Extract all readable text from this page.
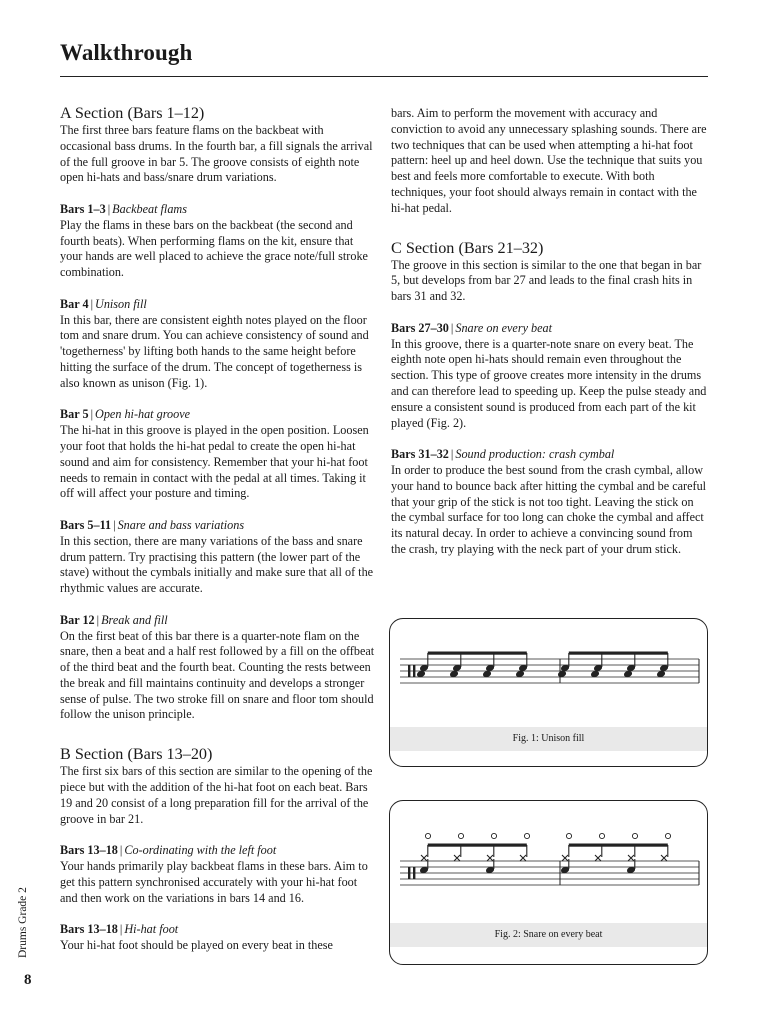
Walkthrough
A Section (Bars 1–12)
The first three bars feature flams on the backbeat with occasional bass drums. In the fourth bar, a fill signals the arrival of the full groove in bar 5. The groove consists of eighth note open hi-hats and bass/snare drum variations.
Bars 1–3 | Backbeat flams
Play the flams in these bars on the backbeat (the second and fourth beats). When performing flams on the kit, ensure that your hands are well placed to achieve the grace note/full stroke combination.
Bar 4 | Unison fill
In this bar, there are consistent eighth notes played on the floor tom and snare drum. You can achieve consistency of sound and 'togetherness' by lifting both hands to the same height before hitting the surface of the drum. The concept of togetherness is also known as unison (Fig. 1).
Bar 5 | Open hi-hat groove
The hi-hat in this groove is played in the open position. Loosen your foot that holds the hi-hat pedal to create the open hi-hat sound and aim for consistency. Remember that your hi-hat foot needs to remain in contact with the pedal at all times. Taking it off will affect your posture and timing.
Bars 5–11 | Snare and bass variations
In this section, there are many variations of the bass and snare drum pattern. Try practising this pattern (the lower part of the stave) without the cymbals initially and make sure that all of the rhythmic values are accurate.
Bar 12 | Break and fill
On the first beat of this bar there is a quarter-note flam on the snare, then a beat and a half rest followed by a fill on the offbeat of the third beat and the fourth beat. Counting the rests between the break and fill maintains continuity and develops a stronger sense of pulse. The two stroke fill on snare and floor tom should follow the unison principle.
B Section (Bars 13–20)
The first six bars of this section are similar to the opening of the piece but with the addition of the hi-hat foot on each beat. Bars 19 and 20 consist of a long preparation fill for the arrival of the groove in bar 21.
Bars 13–18 | Co-ordinating with the left foot
Your hands primarily play backbeat flams in these bars. Aim to get this pattern synchronised accurately with your hi-hat foot and then work on the variations in bars 14 and 16.
Bars 13–18 | Hi-hat foot
Your hi-hat foot should be played on every beat in these
bars. Aim to perform the movement with accuracy and conviction to avoid any unnecessary splashing sounds. There are two techniques that can be used when attempting a hi-hat foot pattern: heel up and heel down. Use the technique that suits you best and feels more comfortable to execute. With both techniques, your foot should always remain in contact with the hi-hat pedal.
C Section (Bars 21–32)
The groove in this section is similar to the one that began in bar 5, but develops from bar 27 and leads to the final crash hits in bars 31 and 32.
Bars 27–30 | Snare on every beat
In this groove, there is a quarter-note snare on every beat. The eighth note open hi-hats should remain even throughout the section. This type of groove creates more intensity in the drums and can therefore lead to speeding up. Keep the pulse steady and ensure a consistent sound is produced from each part of the kit played (Fig. 2).
Bars 31–32 | Sound production: crash cymbal
In order to produce the best sound from the crash cymbal, allow your hand to bounce back after hitting the cymbal and be careful that your grip of the stick is not too tight. Leaving the stick on the cymbal surface for too long can choke the cymbal and affect its natural decay. In order to achieve a convincing sound from the crash, try playing with the neck part of your drum stick.
Fig. 1: Unison fill
Fig. 2: Snare on every beat
Drums Grade 2
8
